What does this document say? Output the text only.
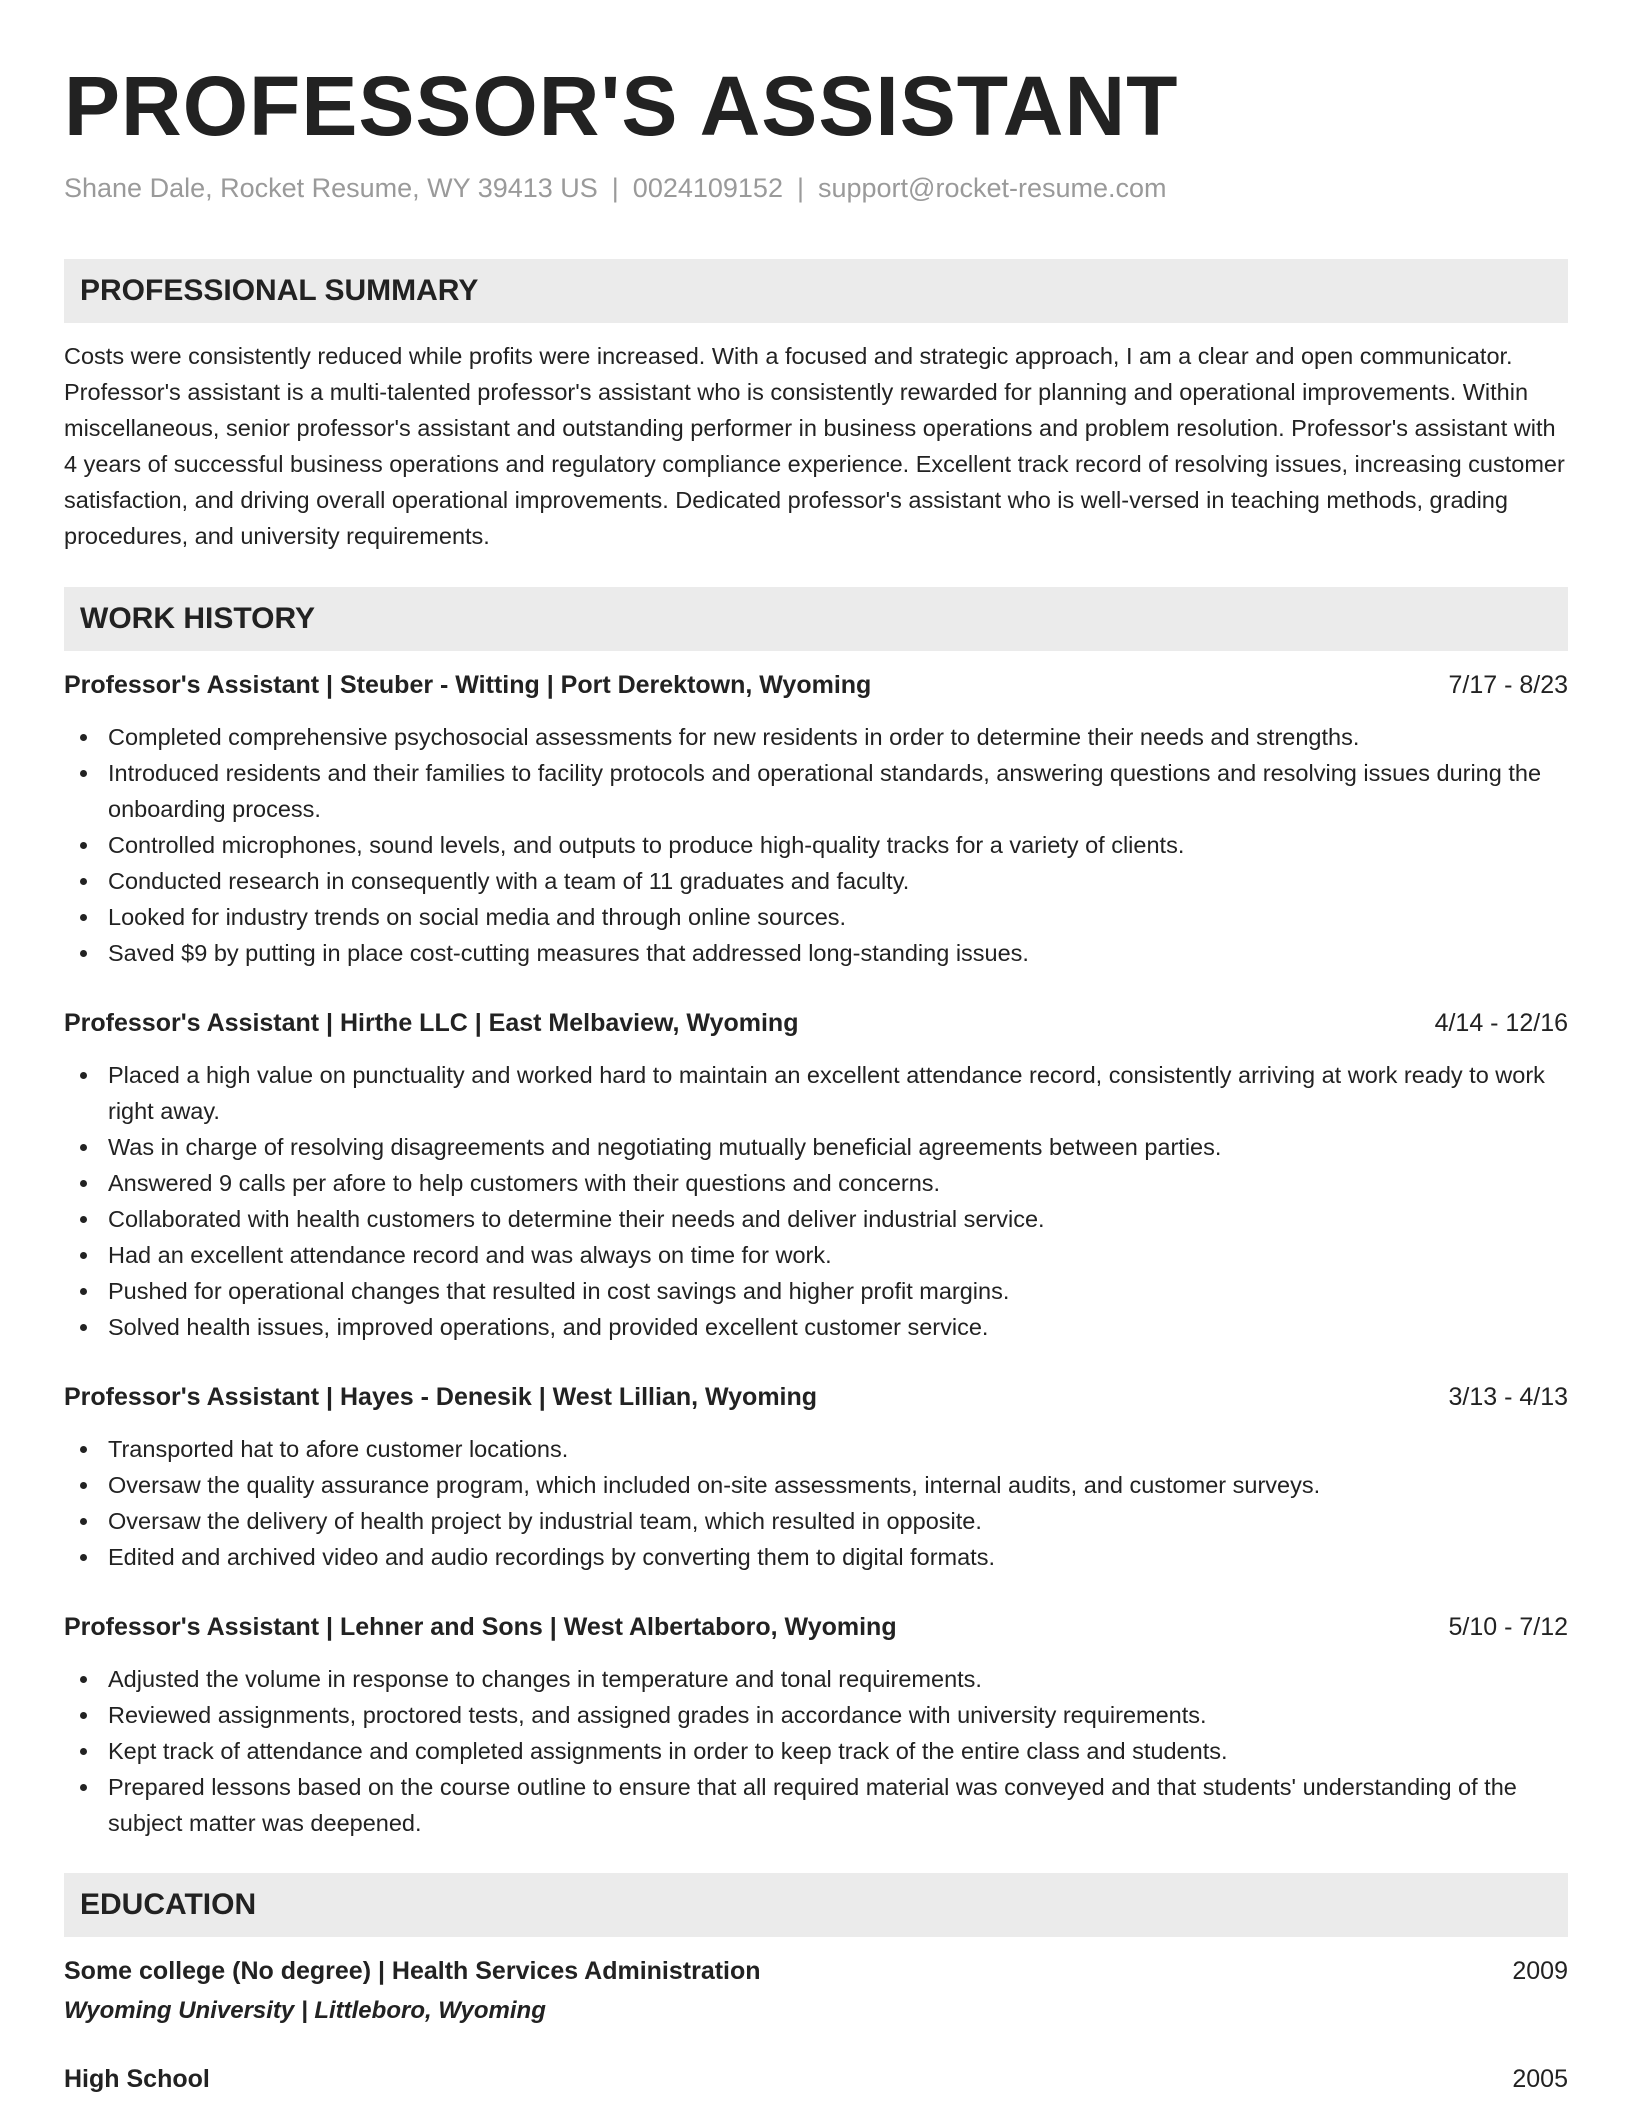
PROFESSOR'S ASSISTANT
Shane Dale, Rocket Resume, WY 39413 US | 0024109152 | support@rocket-resume.com
PROFESSIONAL SUMMARY

Costs were consistently reduced while profits were increased. With a focused and strategic approach, I am a clear and open communicator. Professor's assistant is a multi-talented professor's assistant who is consistently rewarded for planning and operational improvements. Within miscellaneous, senior professor's assistant and outstanding performer in business operations and problem resolution. Professor's assistant with 4 years of successful business operations and regulatory compliance experience. Excellent track record of resolving issues, increasing customer satisfaction, and driving overall operational improvements. Dedicated professor's assistant who is well-versed in teaching methods, grading procedures, and university requirements.

WORK HISTORY
Professor's Assistant | Steuber - Witting | Port Derektown, Wyoming	7/17 - 8/23
Completed comprehensive psychosocial assessments for new residents in order to determine their needs and strengths.
Introduced residents and their families to facility protocols and operational standards, answering questions and resolving issues during the onboarding process.
Controlled microphones, sound levels, and outputs to produce high-quality tracks for a variety of clients.
Conducted research in consequently with a team of 11 graduates and faculty.
Looked for industry trends on social media and through online sources.
Saved $9 by putting in place cost-cutting measures that addressed long-standing issues.
Professor's Assistant | Hirthe LLC | East Melbaview, Wyoming	4/14 - 12/16
Placed a high value on punctuality and worked hard to maintain an excellent attendance record, consistently arriving at work ready to work right away.
Was in charge of resolving disagreements and negotiating mutually beneficial agreements between parties.
Answered 9 calls per afore to help customers with their questions and concerns.
Collaborated with health customers to determine their needs and deliver industrial service.
Had an excellent attendance record and was always on time for work.
Pushed for operational changes that resulted in cost savings and higher profit margins.
Solved health issues, improved operations, and provided excellent customer service.
Professor's Assistant | Hayes - Denesik | West Lillian, Wyoming	3/13 - 4/13
Transported hat to afore customer locations.
Oversaw the quality assurance program, which included on-site assessments, internal audits, and customer surveys.
Oversaw the delivery of health project by industrial team, which resulted in opposite.
Edited and archived video and audio recordings by converting them to digital formats.
Professor's Assistant | Lehner and Sons | West Albertaboro, Wyoming	5/10 - 7/12
Adjusted the volume in response to changes in temperature and tonal requirements.
Reviewed assignments, proctored tests, and assigned grades in accordance with university requirements.
Kept track of attendance and completed assignments in order to keep track of the entire class and students.
Prepared lessons based on the course outline to ensure that all required material was conveyed and that students' understanding of the subject matter was deepened.
EDUCATION
Some college (No degree) | Health Services Administration	2009
Wyoming University | Littleboro, Wyoming
High School	2005
